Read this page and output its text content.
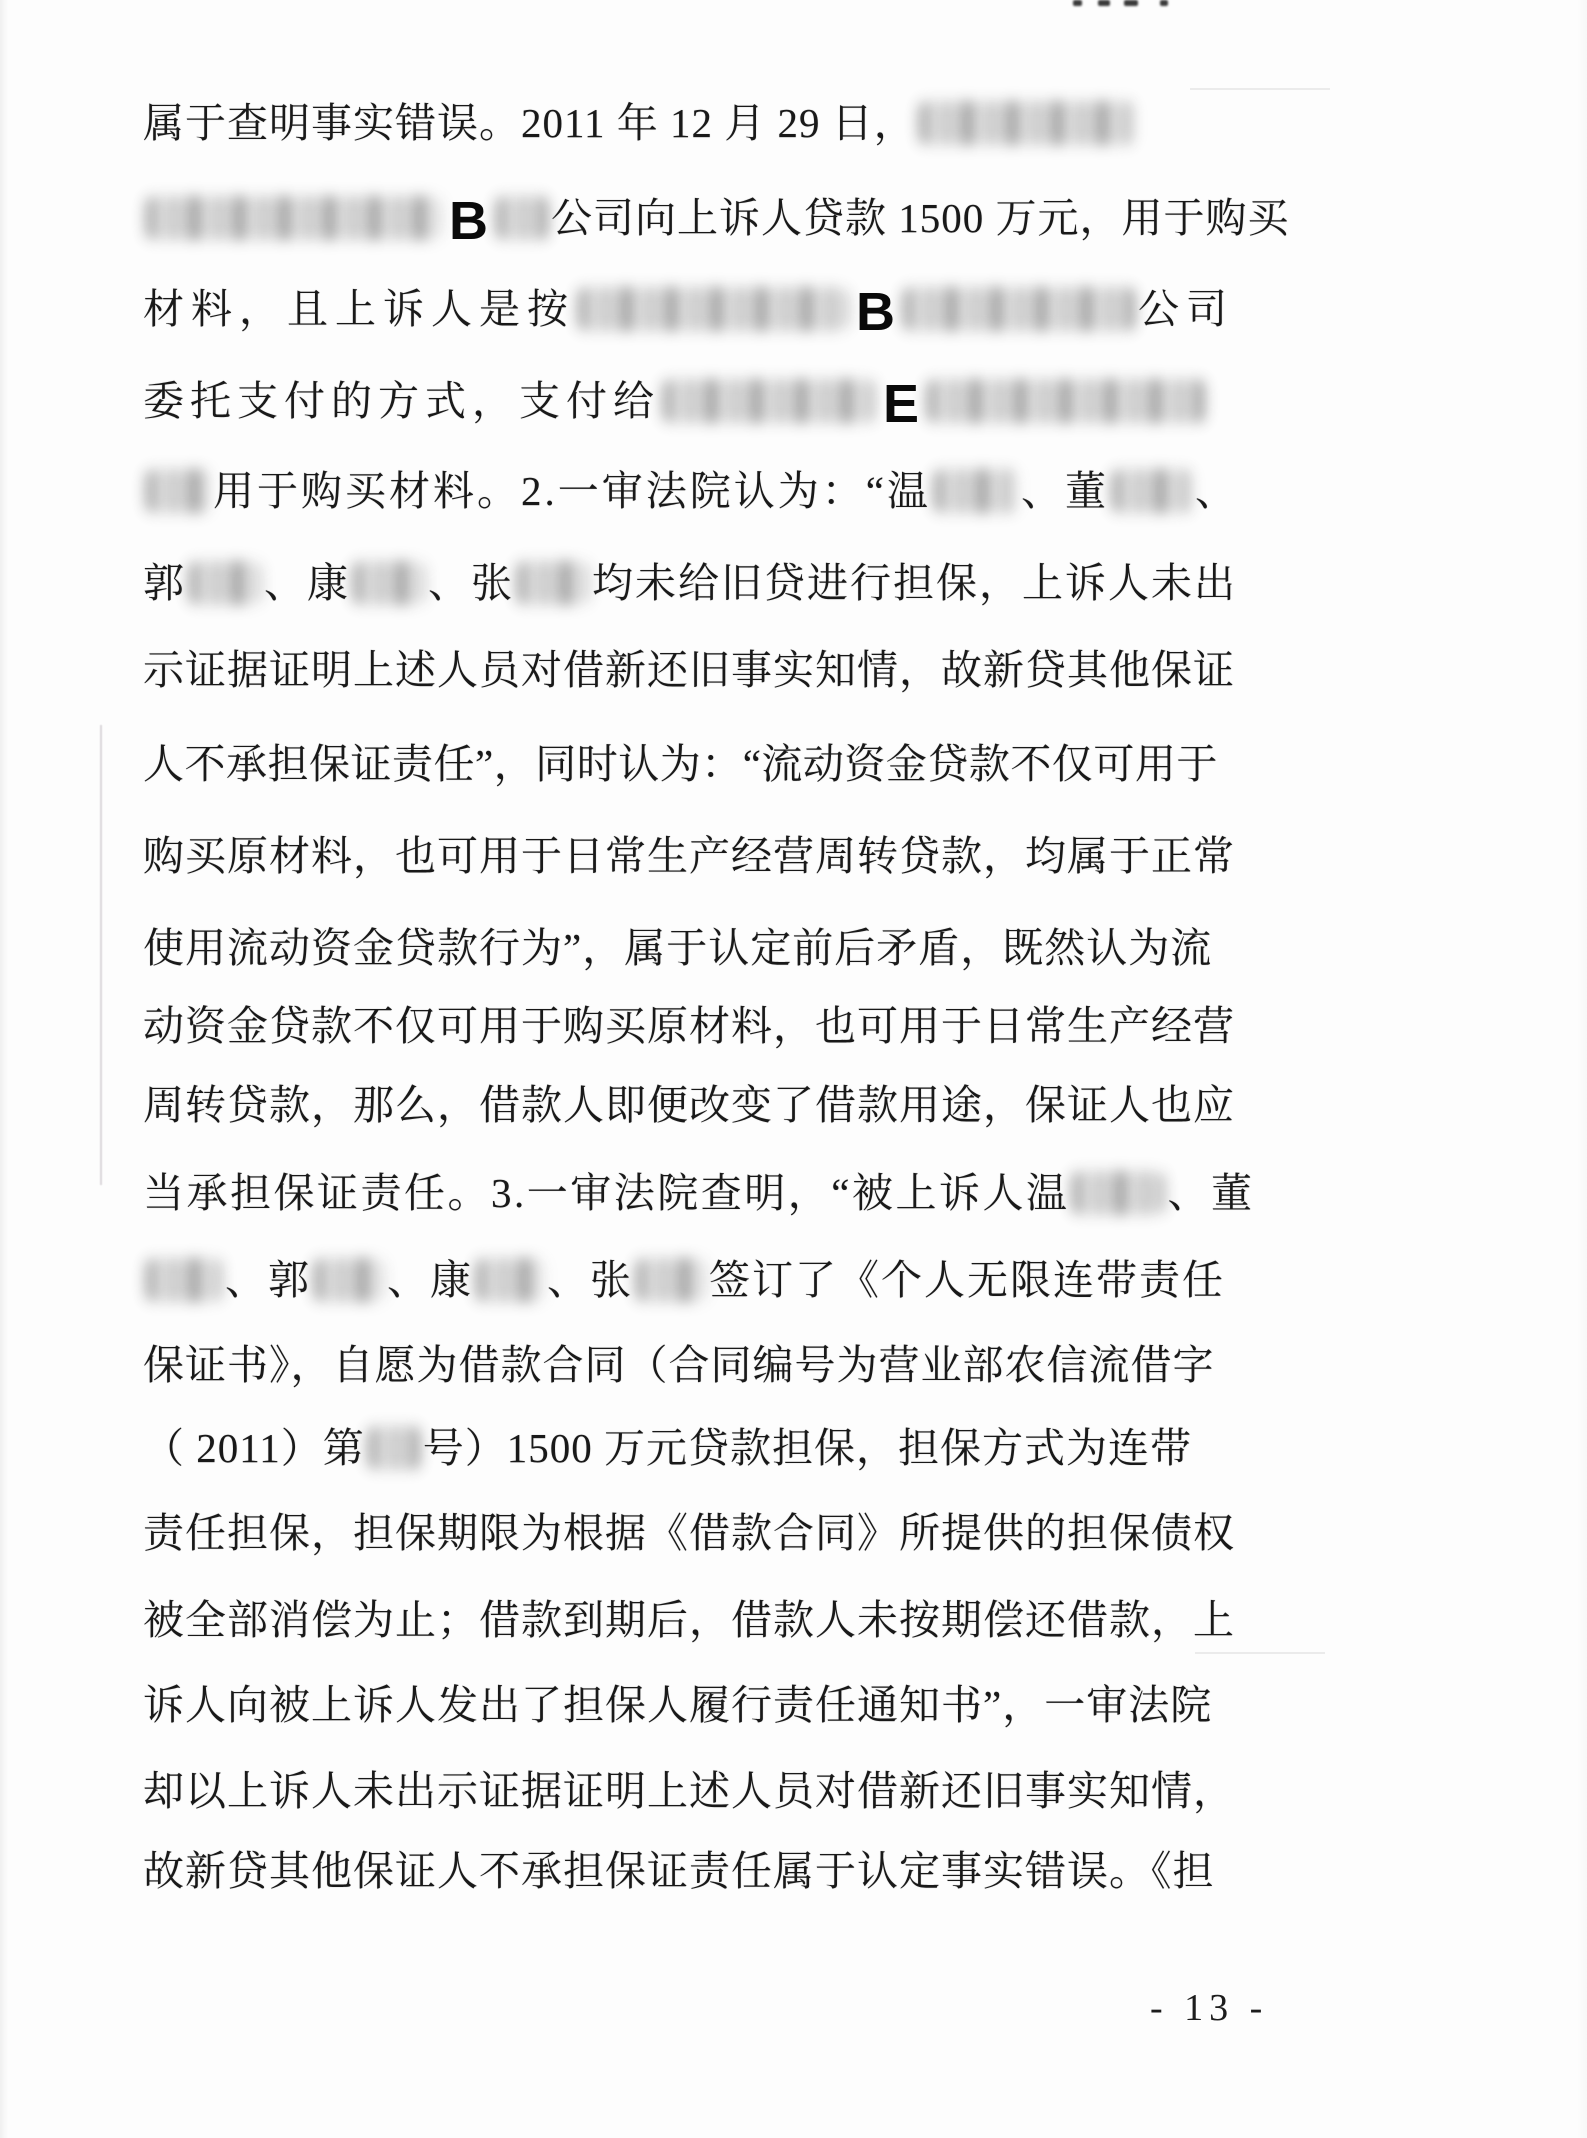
属于查明事实错误。2011 年 12 月 29 日，
B 公司向上诉人贷款 1500 万元，用于购买
材料，且上诉人是按	B	公司
委托支付的方式，支付给	E
用于购买材料。2.一审法院认为：“温 、董 、
郭 、康 、张 均未给旧贷进行担保，上诉人未出
示证据证明上述人员对借新还旧事实知情，故新贷其他保证
人不承担保证责任”，同时认为：“流动资金贷款不仅可用于
购买原材料，也可用于日常生产经营周转贷款，均属于正常
使用流动资金贷款行为”，属于认定前后矛盾，既然认为流
动资金贷款不仅可用于购买原材料，也可用于日常生产经营
周转贷款，那么，借款人即便改变了借款用途，保证人也应
当承担保证责任。3.一审法院查明，“被上诉人温 、董
、郭 、康 、张 签订了《个人无限连带责任
保证书》，自愿为借款合同（合同编号为营业部农信流借字
（ 2011）第 号）1500 万元贷款担保，担保方式为连带
责任担保，担保期限为根据《借款合同》所提供的担保债权
被全部消偿为止；借款到期后，借款人未按期偿还借款，上
诉人向被上诉人发出了担保人履行责任通知书”，一审法院
却以上诉人未出示证据证明上述人员对借新还旧事实知情，
故新贷其他保证人不承担保证责任属于认定事实错误。《担
- 13 -
